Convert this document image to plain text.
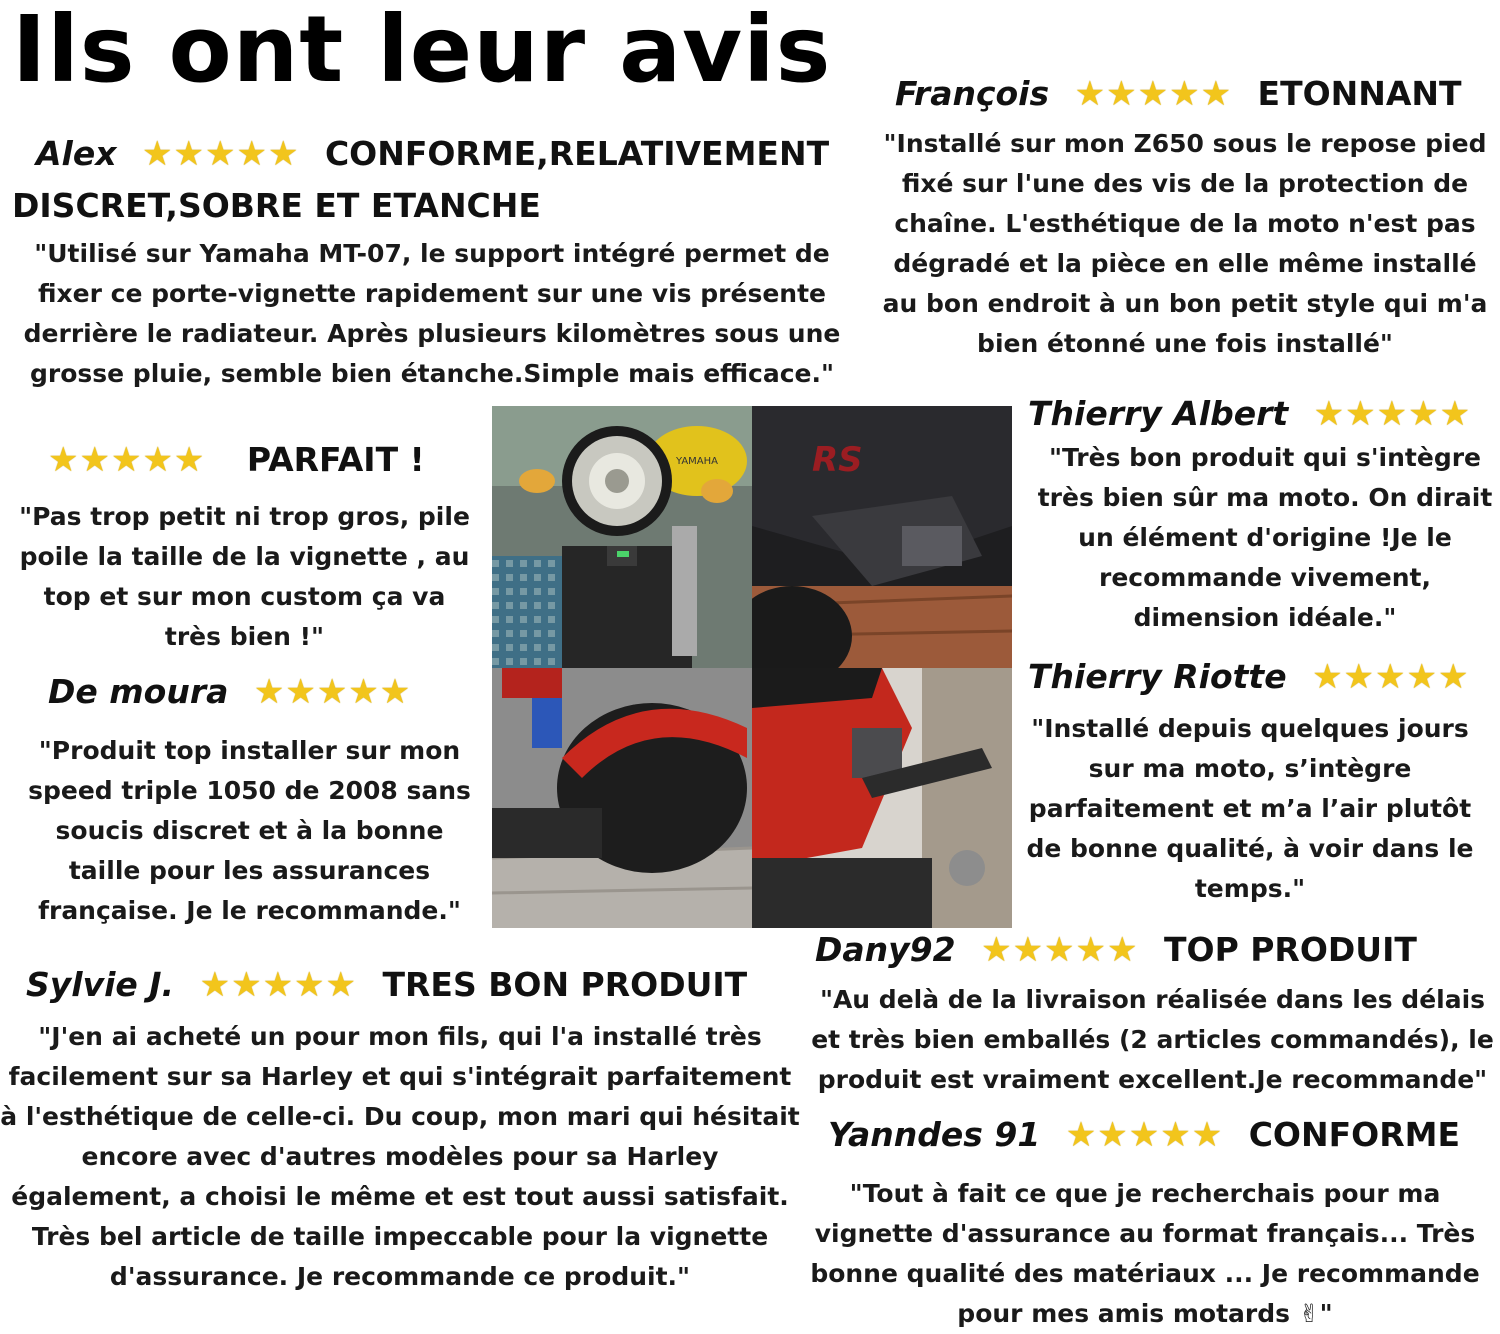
Ils ont leur avis
Alex ★★★★★ CONFORME,RELATIVEMENT
DISCRET,SOBRE ET ETANCHE
"Utilisé sur Yamaha MT-07, le support intégré permet de fixer ce porte-vignette rapidement sur une vis présente derrière le radiateur. Après plusieurs kilomètres sous une grosse pluie, semble bien étanche.Simple mais efficace."
François ★★★★★ ETONNANT
"Installé sur mon Z650 sous le repose pied fixé sur l'une des vis de la protection de chaîne. L'esthétique de la moto n'est pas dégradé et la pièce en elle même installé au bon endroit à un bon petit style qui m'a bien étonné une fois installé"
★★★★★ PARFAIT !
"Pas trop petit ni trop gros, pile poile la taille de la vignette , au top et sur mon custom ça va très bien !"
Thierry Albert ★★★★★
"Très bon produit qui s'intègre très bien sûr ma moto. On dirait un élément d'origine !Je le recommande vivement, dimension idéale."
De moura ★★★★★
"Produit top installer sur mon speed triple 1050 de 2008 sans soucis discret et à la bonne taille pour les assurances française. Je le recommande."
Thierry Riotte ★★★★★
"Installé depuis quelques jours sur ma moto, s’intègre parfaitement et m’a l’air plutôt de bonne qualité, à voir dans le temps."
Sylvie J. ★★★★★ TRES BON PRODUIT
"J'en ai acheté un pour mon fils, qui l'a installé très facilement sur sa Harley et qui s'intégrait parfaitement à l'esthétique de celle-ci. Du coup, mon mari qui hésitait encore avec d'autres modèles pour sa Harley également, a choisi le même et est tout aussi satisfait. Très bel article de taille impeccable pour la vignette d'assurance. Je recommande ce produit."
Dany92 ★★★★★ TOP PRODUIT
"Au delà de la livraison réalisée dans les délais et très bien emballés (2 articles commandés), le produit est vraiment excellent.Je recommande"
Yanndes 91 ★★★★★ CONFORME
"Tout à fait ce que je recherchais pour ma vignette d'assurance au format français... Très bonne qualité des matériaux ... Je recommande pour mes amis motards ✌"
YAMAHA	RS
